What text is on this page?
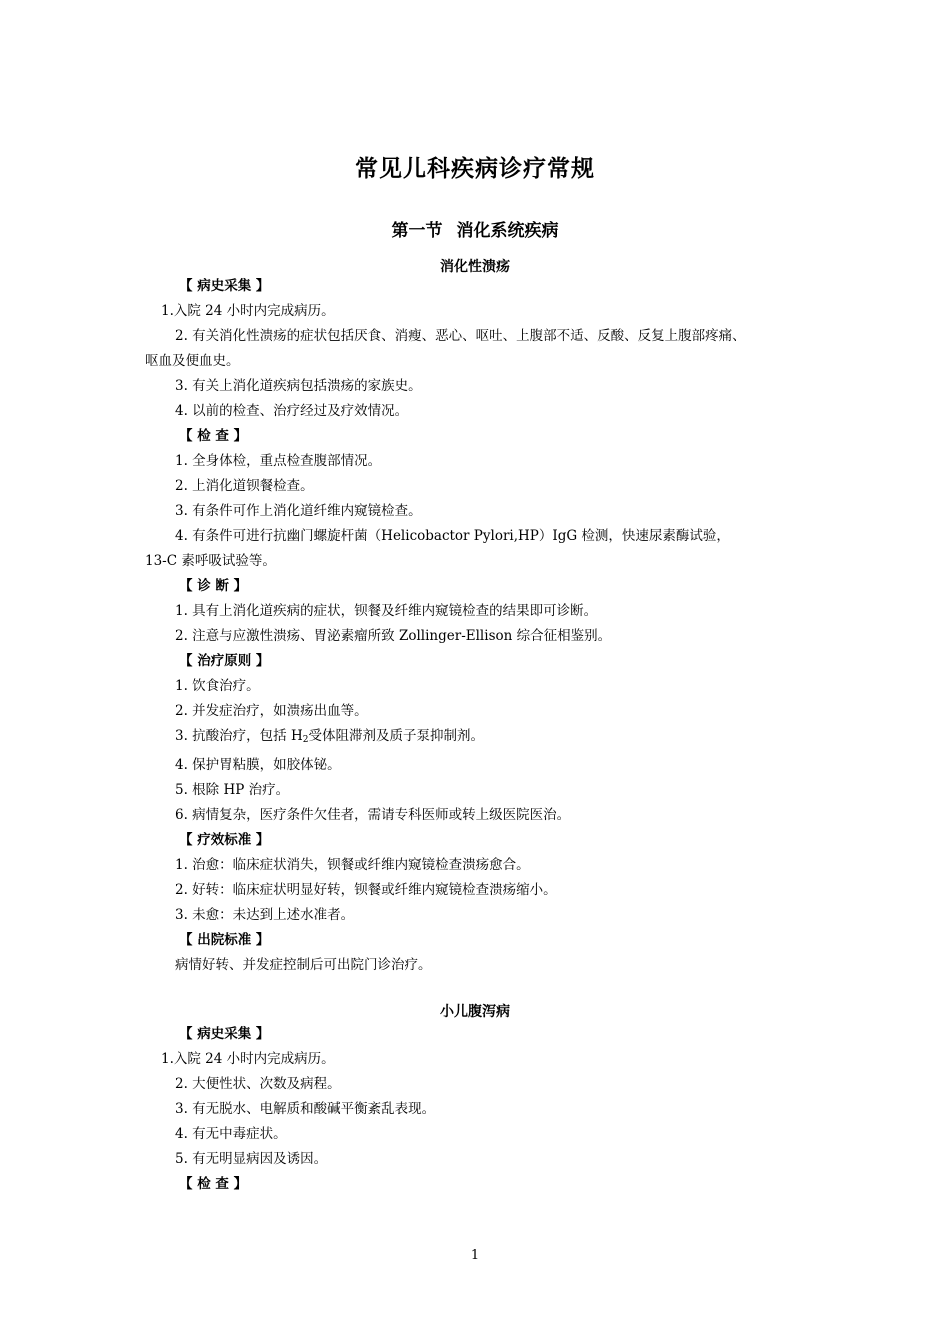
常见儿科疾病诊疗常规
第一节 消化系统疾病
消化性溃疡

【 病史采集 】

1.入院 24 小时内完成病历。

2. 有关消化性溃疡的症状包括厌食、消瘦、恶心、呕吐、上腹部不适、反酸、反复上腹部疼痛、

呕血及便血史。

3. 有关上消化道疾病包括溃疡的家族史。

4. 以前的检查、治疗经过及疗效情况。

【 检 查 】

1. 全身体检，重点检查腹部情况。

2. 上消化道钡餐检查。

3. 有条件可作上消化道纤维内窥镜检查。

4. 有条件可进行抗幽门螺旋杆菌（Helicobactor Pylori,HP）IgG 检测，快速尿素酶试验，

13-C 素呼吸试验等。

【 诊 断 】

1. 具有上消化道疾病的症状，钡餐及纤维内窥镜检查的结果即可诊断。

2. 注意与应激性溃疡、胃泌素瘤所致 Zollinger-Ellison 综合征相鉴别。

【 治疗原则 】

1. 饮食治疗。

2. 并发症治疗，如溃疡出血等。

3. 抗酸治疗，包括 $H_2$受体阻滞剂及质子泵抑制剂。

4. 保护胃粘膜，如胶体铋。

5. 根除 HP 治疗。

6. 病情复杂，医疗条件欠佳者，需请专科医师或转上级医院医治。

【 疗效标准 】

1. 治愈：临床症状消失，钡餐或纤维内窥镜检查溃疡愈合。

2. 好转：临床症状明显好转，钡餐或纤维内窥镜检查溃疡缩小。

3. 未愈：未达到上述水准者。

【 出院标准 】

病情好转、并发症控制后可出院门诊治疗。

小儿腹泻病

【 病史采集 】

1.入院 24 小时内完成病历。

2. 大便性状、次数及病程。

3. 有无脱水、电解质和酸碱平衡紊乱表现。

4. 有无中毒症状。

5. 有无明显病因及诱因。

【 检 查 】

1
